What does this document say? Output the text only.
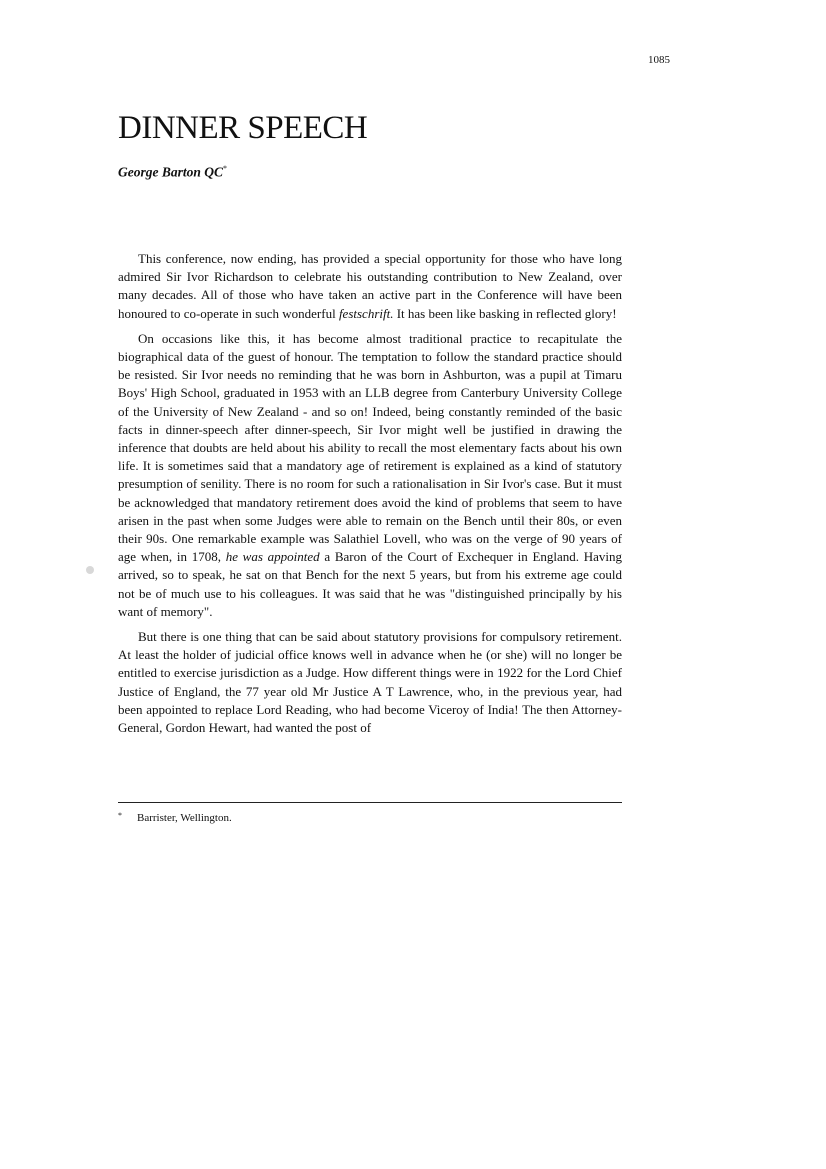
1085
DINNER SPEECH
George Barton QC*

This conference, now ending, has provided a special opportunity for those who have long admired Sir Ivor Richardson to celebrate his outstanding contribution to New Zealand, over many decades. All of those who have taken an active part in the Conference will have been honoured to co-operate in such wonderful festschrift. It has been like basking in reflected glory!

On occasions like this, it has become almost traditional practice to recapitulate the biographical data of the guest of honour. The temptation to follow the standard practice should be resisted. Sir Ivor needs no reminding that he was born in Ashburton, was a pupil at Timaru Boys' High School, graduated in 1953 with an LLB degree from Canterbury University College of the University of New Zealand - and so on! Indeed, being constantly reminded of the basic facts in dinner-speech after dinner-speech, Sir Ivor might well be justified in drawing the inference that doubts are held about his ability to recall the most elementary facts about his own life. It is sometimes said that a mandatory age of retirement is explained as a kind of statutory presumption of senility. There is no room for such a rationalisation in Sir Ivor's case. But it must be acknowledged that mandatory retirement does avoid the kind of problems that seem to have arisen in the past when some Judges were able to remain on the Bench until their 80s, or even their 90s. One remarkable example was Salathiel Lovell, who was on the verge of 90 years of age when, in 1708, he was appointed a Baron of the Court of Exchequer in England. Having arrived, so to speak, he sat on that Bench for the next 5 years, but from his extreme age could not be of much use to his colleagues. It was said that he was "distinguished principally by his want of memory".

But there is one thing that can be said about statutory provisions for compulsory retirement. At least the holder of judicial office knows well in advance when he (or she) will no longer be entitled to exercise jurisdiction as a Judge. How different things were in 1922 for the Lord Chief Justice of England, the 77 year old Mr Justice A T Lawrence, who, in the previous year, had been appointed to replace Lord Reading, who had become Viceroy of India! The then Attorney-General, Gordon Hewart, had wanted the post of

* Barrister, Wellington.
